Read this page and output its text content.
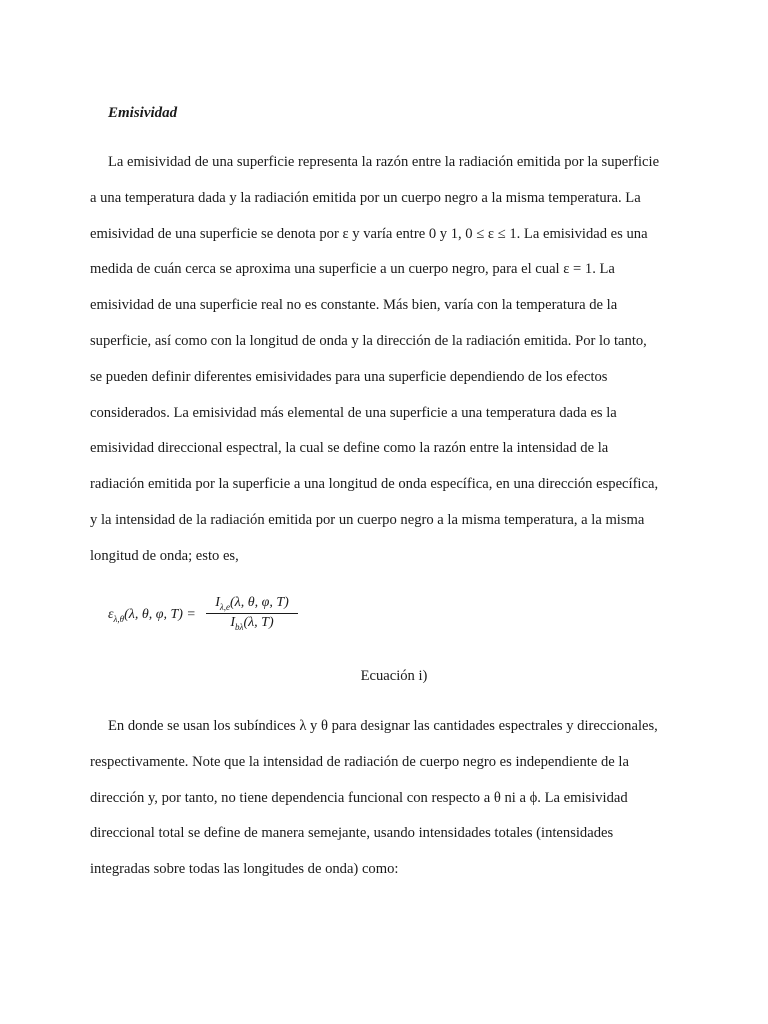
Emisividad

La emisividad de una superficie representa la razón entre la radiación emitida por la superficie
a una temperatura dada y la radiación emitida por un cuerpo negro a la misma temperatura. La
emisividad de una superficie se denota por ε y varía entre 0 y 1, 0 ≤ ε ≤ 1. La emisividad es una
medida de cuán cerca se aproxima una superficie a un cuerpo negro, para el cual ε = 1. La
emisividad de una superficie real no es constante. Más bien, varía con la temperatura de la
superficie, así como con la longitud de onda y la dirección de la radiación emitida. Por lo tanto,
se pueden definir diferentes emisividades para una superficie dependiendo de los efectos
considerados. La emisividad más elemental de una superficie a una temperatura dada es la
emisividad direccional espectral, la cual se define como la razón entre la intensidad de la
radiación emitida por la superficie a una longitud de onda específica, en una dirección específica,
y la intensidad de la radiación emitida por un cuerpo negro a la misma temperatura, a la misma
longitud de onda; esto es,

$\varepsilon_{\lambda,\theta}(\lambda$, θ, φ, T) =
$I_{\lambda,e}(\lambda$, θ, φ, T)
$I_{b\lambda}(\lambda$, T)
Ecuación i)

En donde se usan los subíndices λ y θ para designar las cantidades espectrales y direccionales,
respectivamente. Note que la intensidad de radiación de cuerpo negro es independiente de la
dirección y, por tanto, no tiene dependencia funcional con respecto a θ ni a ϕ. La emisividad
direccional total se define de manera semejante, usando intensidades totales (intensidades
integradas sobre todas las longitudes de onda) como:
